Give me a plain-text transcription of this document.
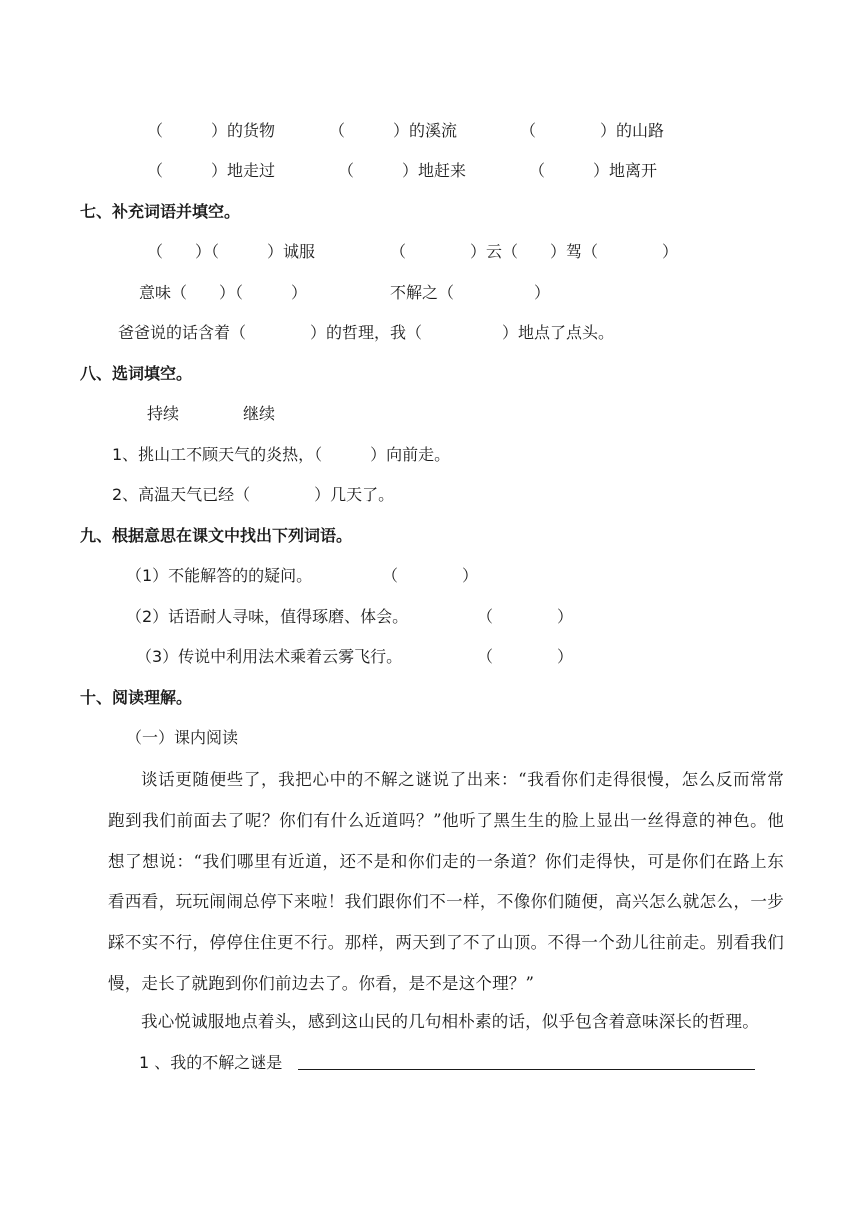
（　　　）的货物	（　　　）的溪流	（　　　　）的山路
（　　　）地走过	（　　　）地赶来	（　　　）地离开
七、补充词语并填空。
（　　）（　　　）诚服	（　　　　）云（　　）驾（　　　　）
意味（　　）（　　　）	不解之（　　　　　）
爸爸说的话含着（　　　　）的哲理，我（　　　　　）地点了点头。
八、选词填空。
持续	继续
1、挑山工不顾天气的炎热，（　　　）向前走。
2、高温天气已经（　　　　）几天了。
九、根据意思在课文中找出下列词语。
（1）不能解答的的疑问。	（　　　　）
（2）话语耐人寻味，值得琢磨、体会。	（　　　　）
（3）传说中利用法术乘着云雾飞行。	（　　　　）
十、阅读理解。
（一）课内阅读
谈话更随便些了，我把心中的不解之谜说了出来：“我看你们走得很慢，怎么反而常常跑到我们前面去了呢？你们有什么近道吗？”他听了黑生生的脸上显出一丝得意的神色。他想了想说：“我们哪里有近道，还不是和你们走的一条道？你们走得快，可是你们在路上东看西看，玩玩闹闹总停下来啦！我们跟你们不一样，不像你们随便，高兴怎么就怎么，一步踩不实不行，停停住住更不行。那样，两天到了不了山顶。不得一个劲儿往前走。别看我们慢，走长了就跑到你们前边去了。你看，是不是这个理？”
我心悦诚服地点着头，感到这山民的几句相朴素的话，似乎包含着意味深长的哲理。
1 、我的不解之谜是
